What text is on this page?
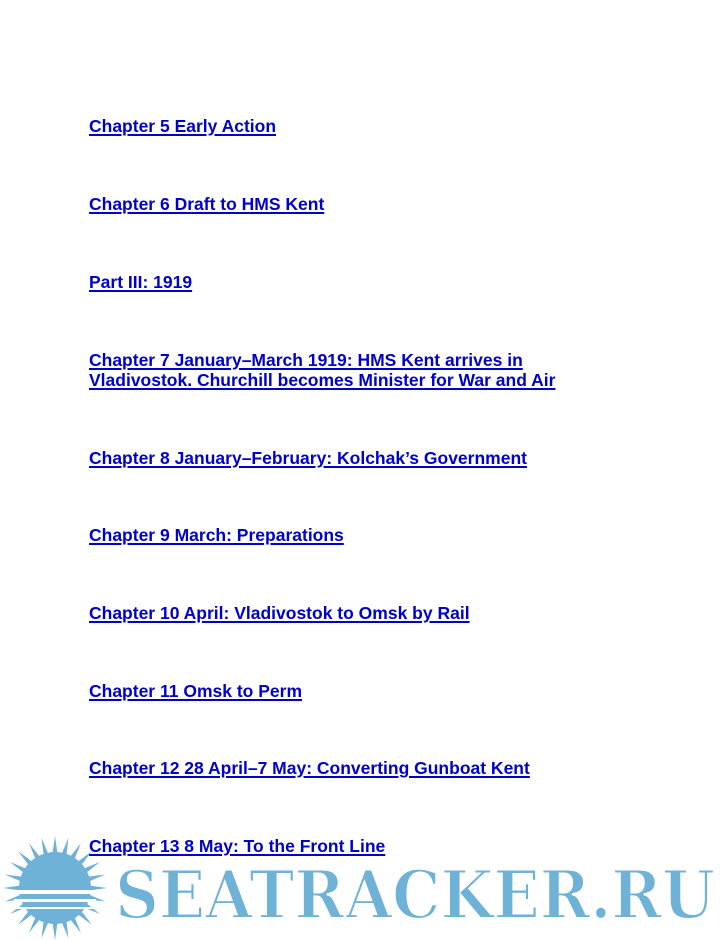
Chapter 5 Early Action
Chapter 6 Draft to HMS Kent
Part III: 1919
Chapter 7 January–March 1919: HMS Kent arrives in Vladivostok. Churchill becomes Minister for War and Air
Chapter 8 January–February: Kolchak’s Government
Chapter 9 March: Preparations
Chapter 10 April: Vladivostok to Omsk by Rail
Chapter 11 Omsk to Perm
Chapter 12 28 April–7 May: Converting Gunboat Kent
Chapter 13 8 May: To the Front Line
SEATRACKER.RU
